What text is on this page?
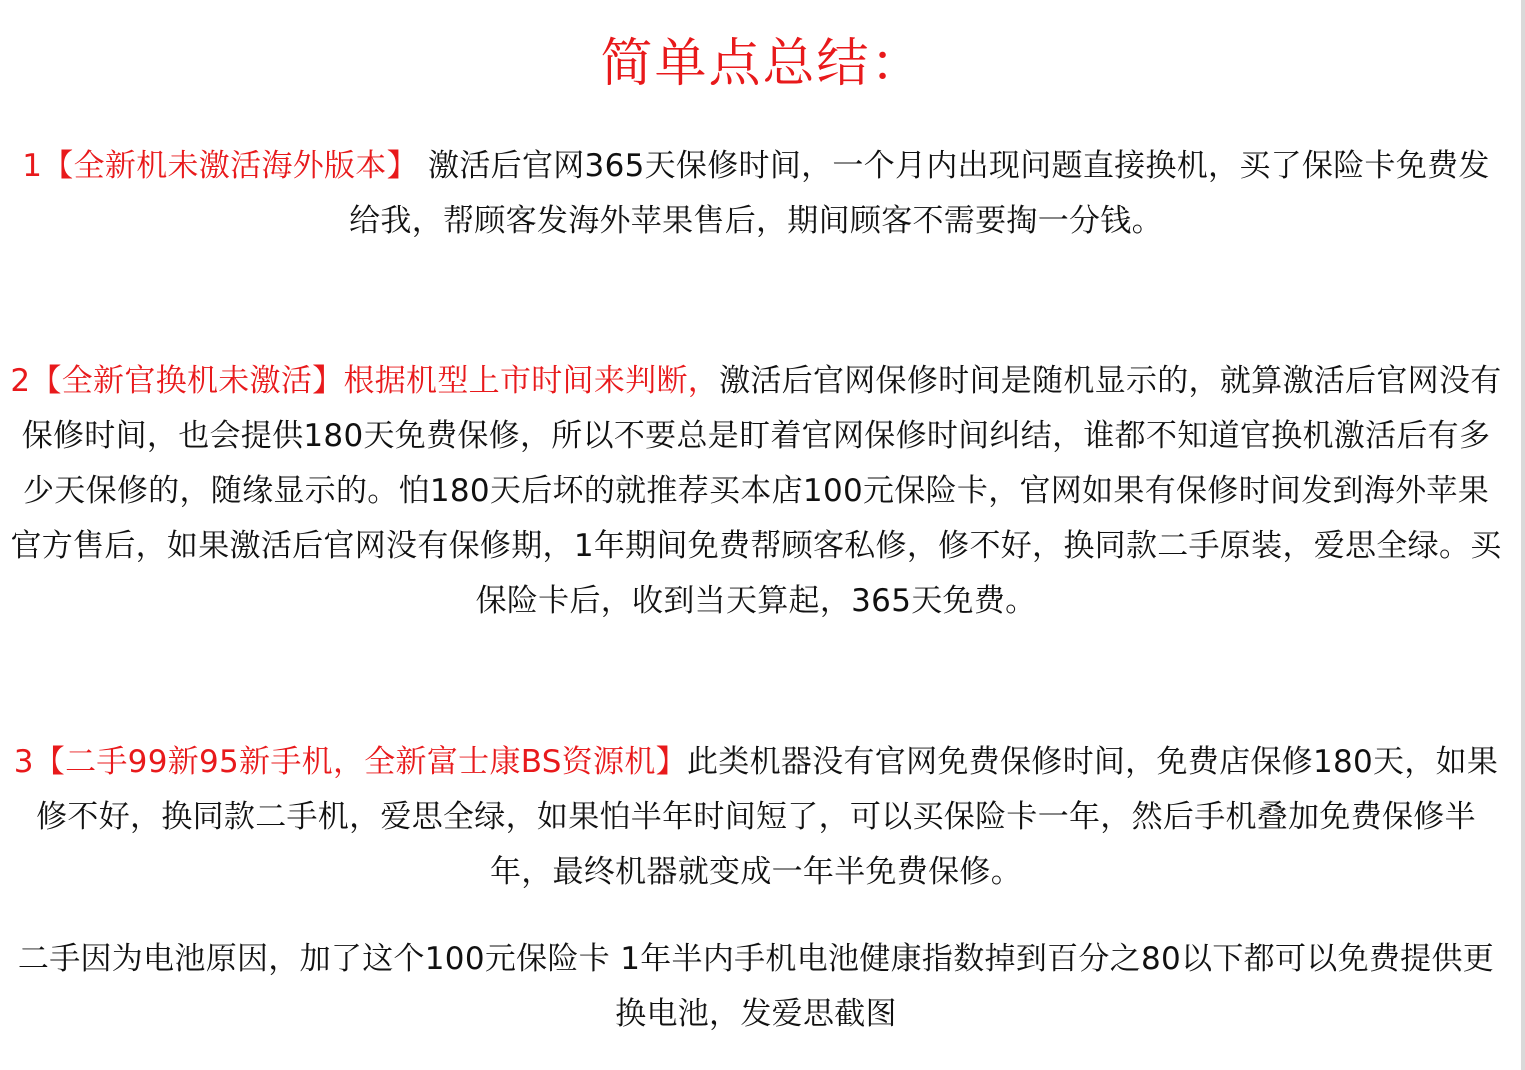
简单点总结：
1【全新机未激活海外版本】 激活后官网365天保修时间，一个月内出现问题直接换机，买了保险卡免费发给我，帮顾客发海外苹果售后，期间顾客不需要掏一分钱。
2【全新官换机未激活】根据机型上市时间来判断，激活后官网保修时间是随机显示的，就算激活后官网没有保修时间，也会提供180天免费保修，所以不要总是盯着官网保修时间纠结，谁都不知道官换机激活后有多少天保修的，随缘显示的。怕180天后坏的就推荐买本店100元保险卡，官网如果有保修时间发到海外苹果官方售后，如果激活后官网没有保修期，1年期间免费帮顾客私修，修不好，换同款二手原装，爱思全绿。买保险卡后，收到当天算起，365天免费。
3【二手99新95新手机，全新富士康BS资源机】此类机器没有官网免费保修时间，免费店保修180天，如果修不好，换同款二手机，爱思全绿，如果怕半年时间短了，可以买保险卡一年，然后手机叠加免费保修半年，最终机器就变成一年半免费保修。
二手因为电池原因，加了这个100元保险卡 1年半内手机电池健康指数掉到百分之80以下都可以免费提供更换电池，发爱思截图
